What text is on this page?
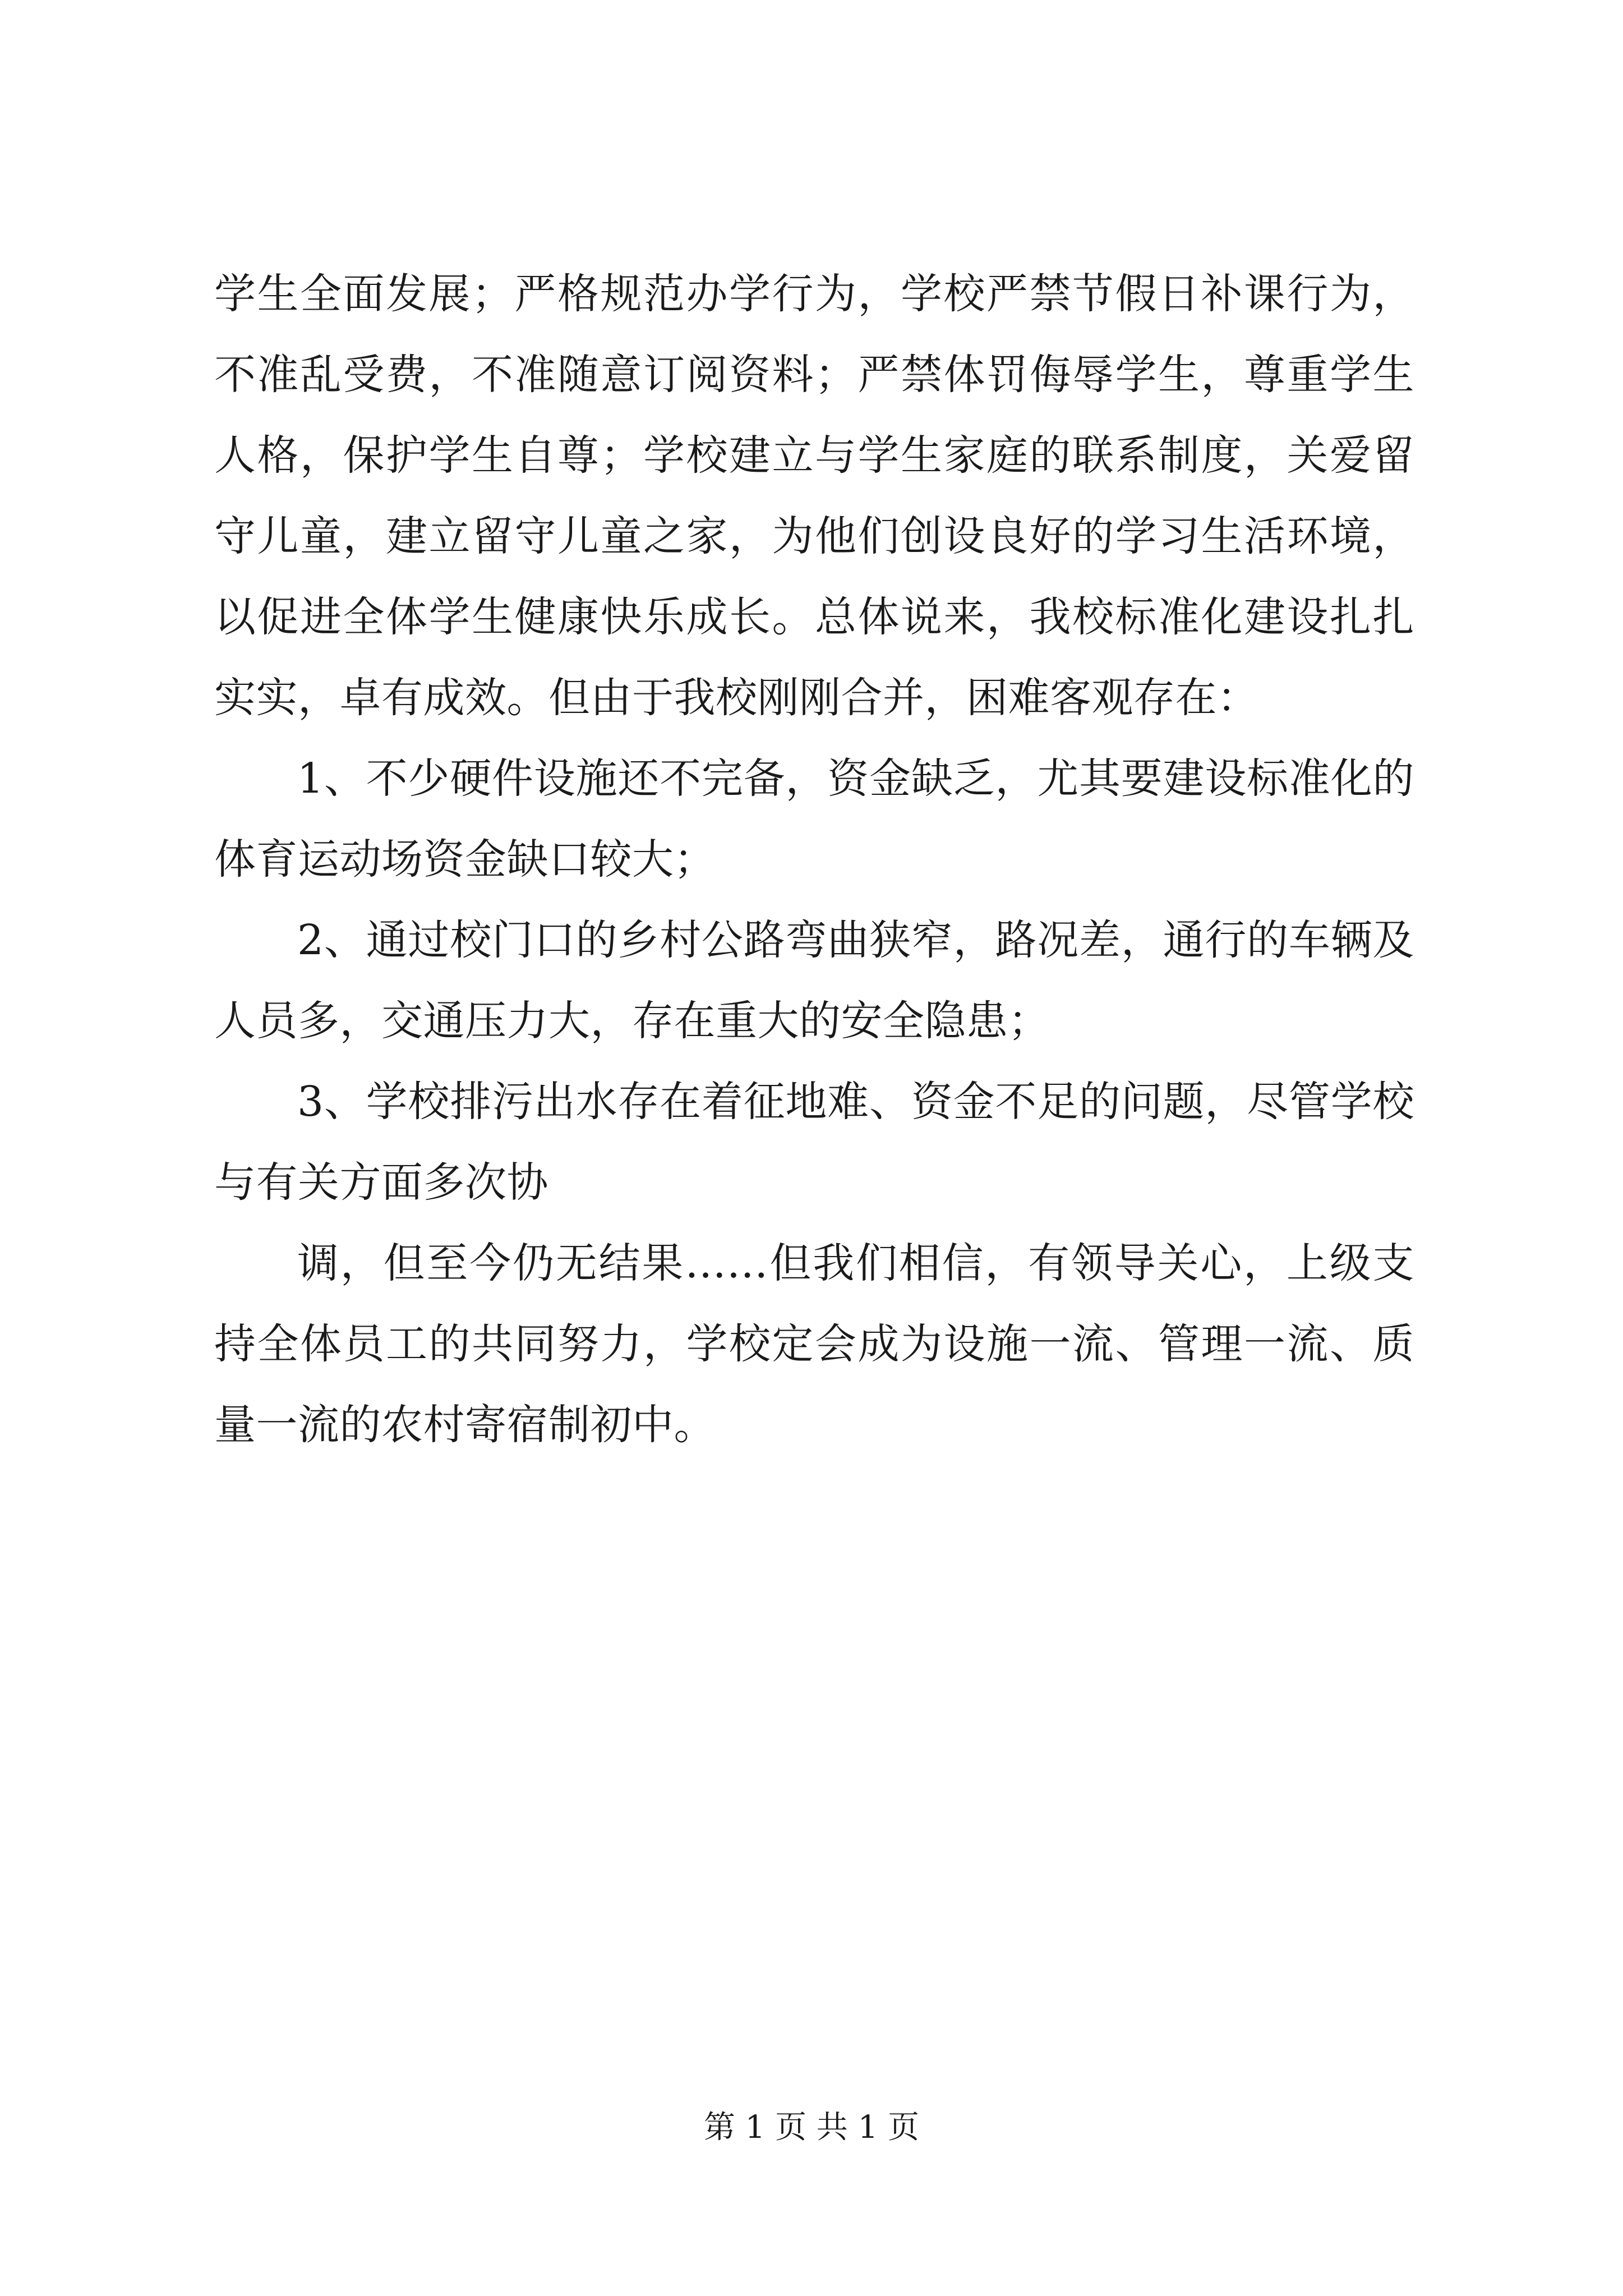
学生全面发展；严格规范办学行为，学校严禁节假日补课行为，不准乱受费，不准随意订阅资料；严禁体罚侮辱学生，尊重学生人格，保护学生自尊；学校建立与学生家庭的联系制度，关爱留守儿童，建立留守儿童之家，为他们创设良好的学习生活环境，以促进全体学生健康快乐成长。总体说来，我校标准化建设扎扎实实，卓有成效。但由于我校刚刚合并，困难客观存在：

1、不少硬件设施还不完备，资金缺乏，尤其要建设标准化的体育运动场资金缺口较大；

2、通过校门口的乡村公路弯曲狭窄，路况差，通行的车辆及人员多，交通压力大，存在重大的安全隐患；

3、学校排污出水存在着征地难、资金不足的问题，尽管学校与有关方面多次协

调，但至今仍无结果……但我们相信，有领导关心，上级支持全体员工的共同努力，学校定会成为设施一流、管理一流、质量一流的农村寄宿制初中。

第 1 页 共 1 页
